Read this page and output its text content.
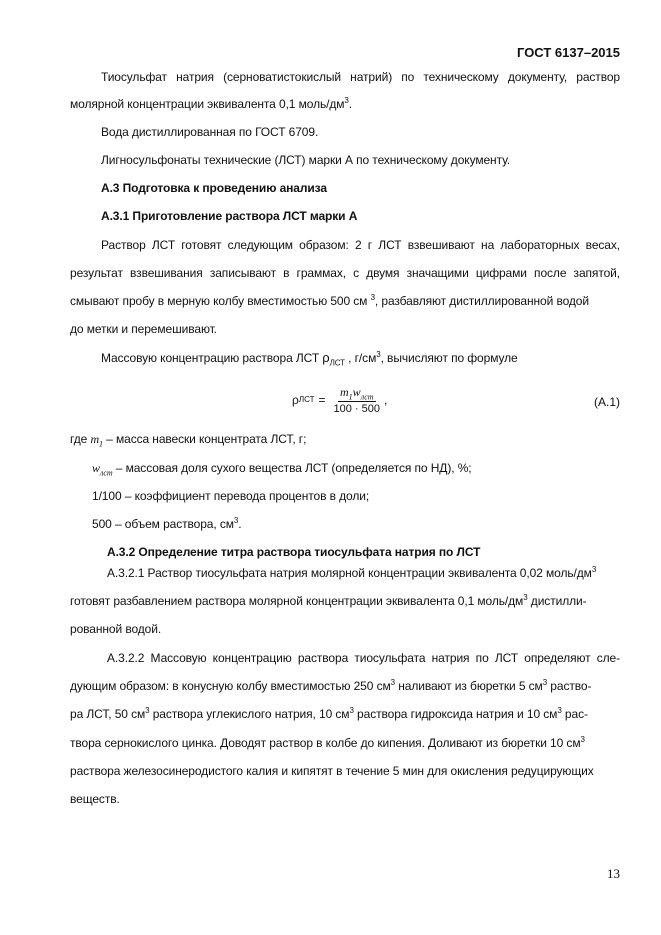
ГОСТ 6137–2015
Тиосульфат натрия (серноватистокислый натрий) по техническому документу, раствор
молярной концентрации эквивалента 0,1 моль/$дм^3$.
Вода дистиллированная по ГОСТ 6709.
Лигносульфонаты технические (ЛСТ) марки А по техническому документу.
А.3 Подготовка к проведению анализа
А.3.1 Приготовление раствора ЛСТ марки А
Раствор ЛСТ готовят следующим образом: 2 г ЛСТ взвешивают на лабораторных весах,
результат взвешивания записывают в граммах, с двумя значащими цифрами после запятой,
смывают пробу в мерную колбу вместимостью 500 см $^3$, разбавляют дистиллированной водой
до метки и перемешивают.
Массовую концентрацию раствора ЛСТ $\rho_{ЛСТ}$ , $г/см^3$, вычисляют по формуле
ρ ЛСТ = $\frac{m_1w_{лст}}{100 \cdot 500}$ ,	(А.1)
где $m_1$ – масса навески концентрата ЛСТ, г;
$w_{лст}$ – массовая доля сухого вещества ЛСТ (определяется по НД), %;
1/100 – коэффициент перевода процентов в доли;
500 – объем раствора, $см^3$.
А.3.2 Определение титра раствора тиосульфата натрия по ЛСТ
А.3.2.1 Раствор тиосульфата натрия молярной концентрации эквивалента 0,02 моль/$дм^3$
готовят разбавлением раствора молярной концентрации эквивалента 0,1 моль/$дм^3$ дистилли-
рованной водой.
А.3.2.2 Массовую концентрацию раствора тиосульфата натрия по ЛСТ определяют сле-
дующим образом: в конусную колбу вместимостью 250 $см^3$ наливают из бюретки 5 $см^3$ раство-
ра ЛСТ, 50 $см^3$ раствора углекислого натрия, 10 $см^3$ раствора гидроксида натрия и 10 $см^3$ рас-
твора сернокислого цинка. Доводят раствор в колбе до кипения. Доливают из бюретки 10 $см^3$
раствора железосинеродистого калия и кипятят в течение 5 мин для окисления редуцирующих
веществ.
13
